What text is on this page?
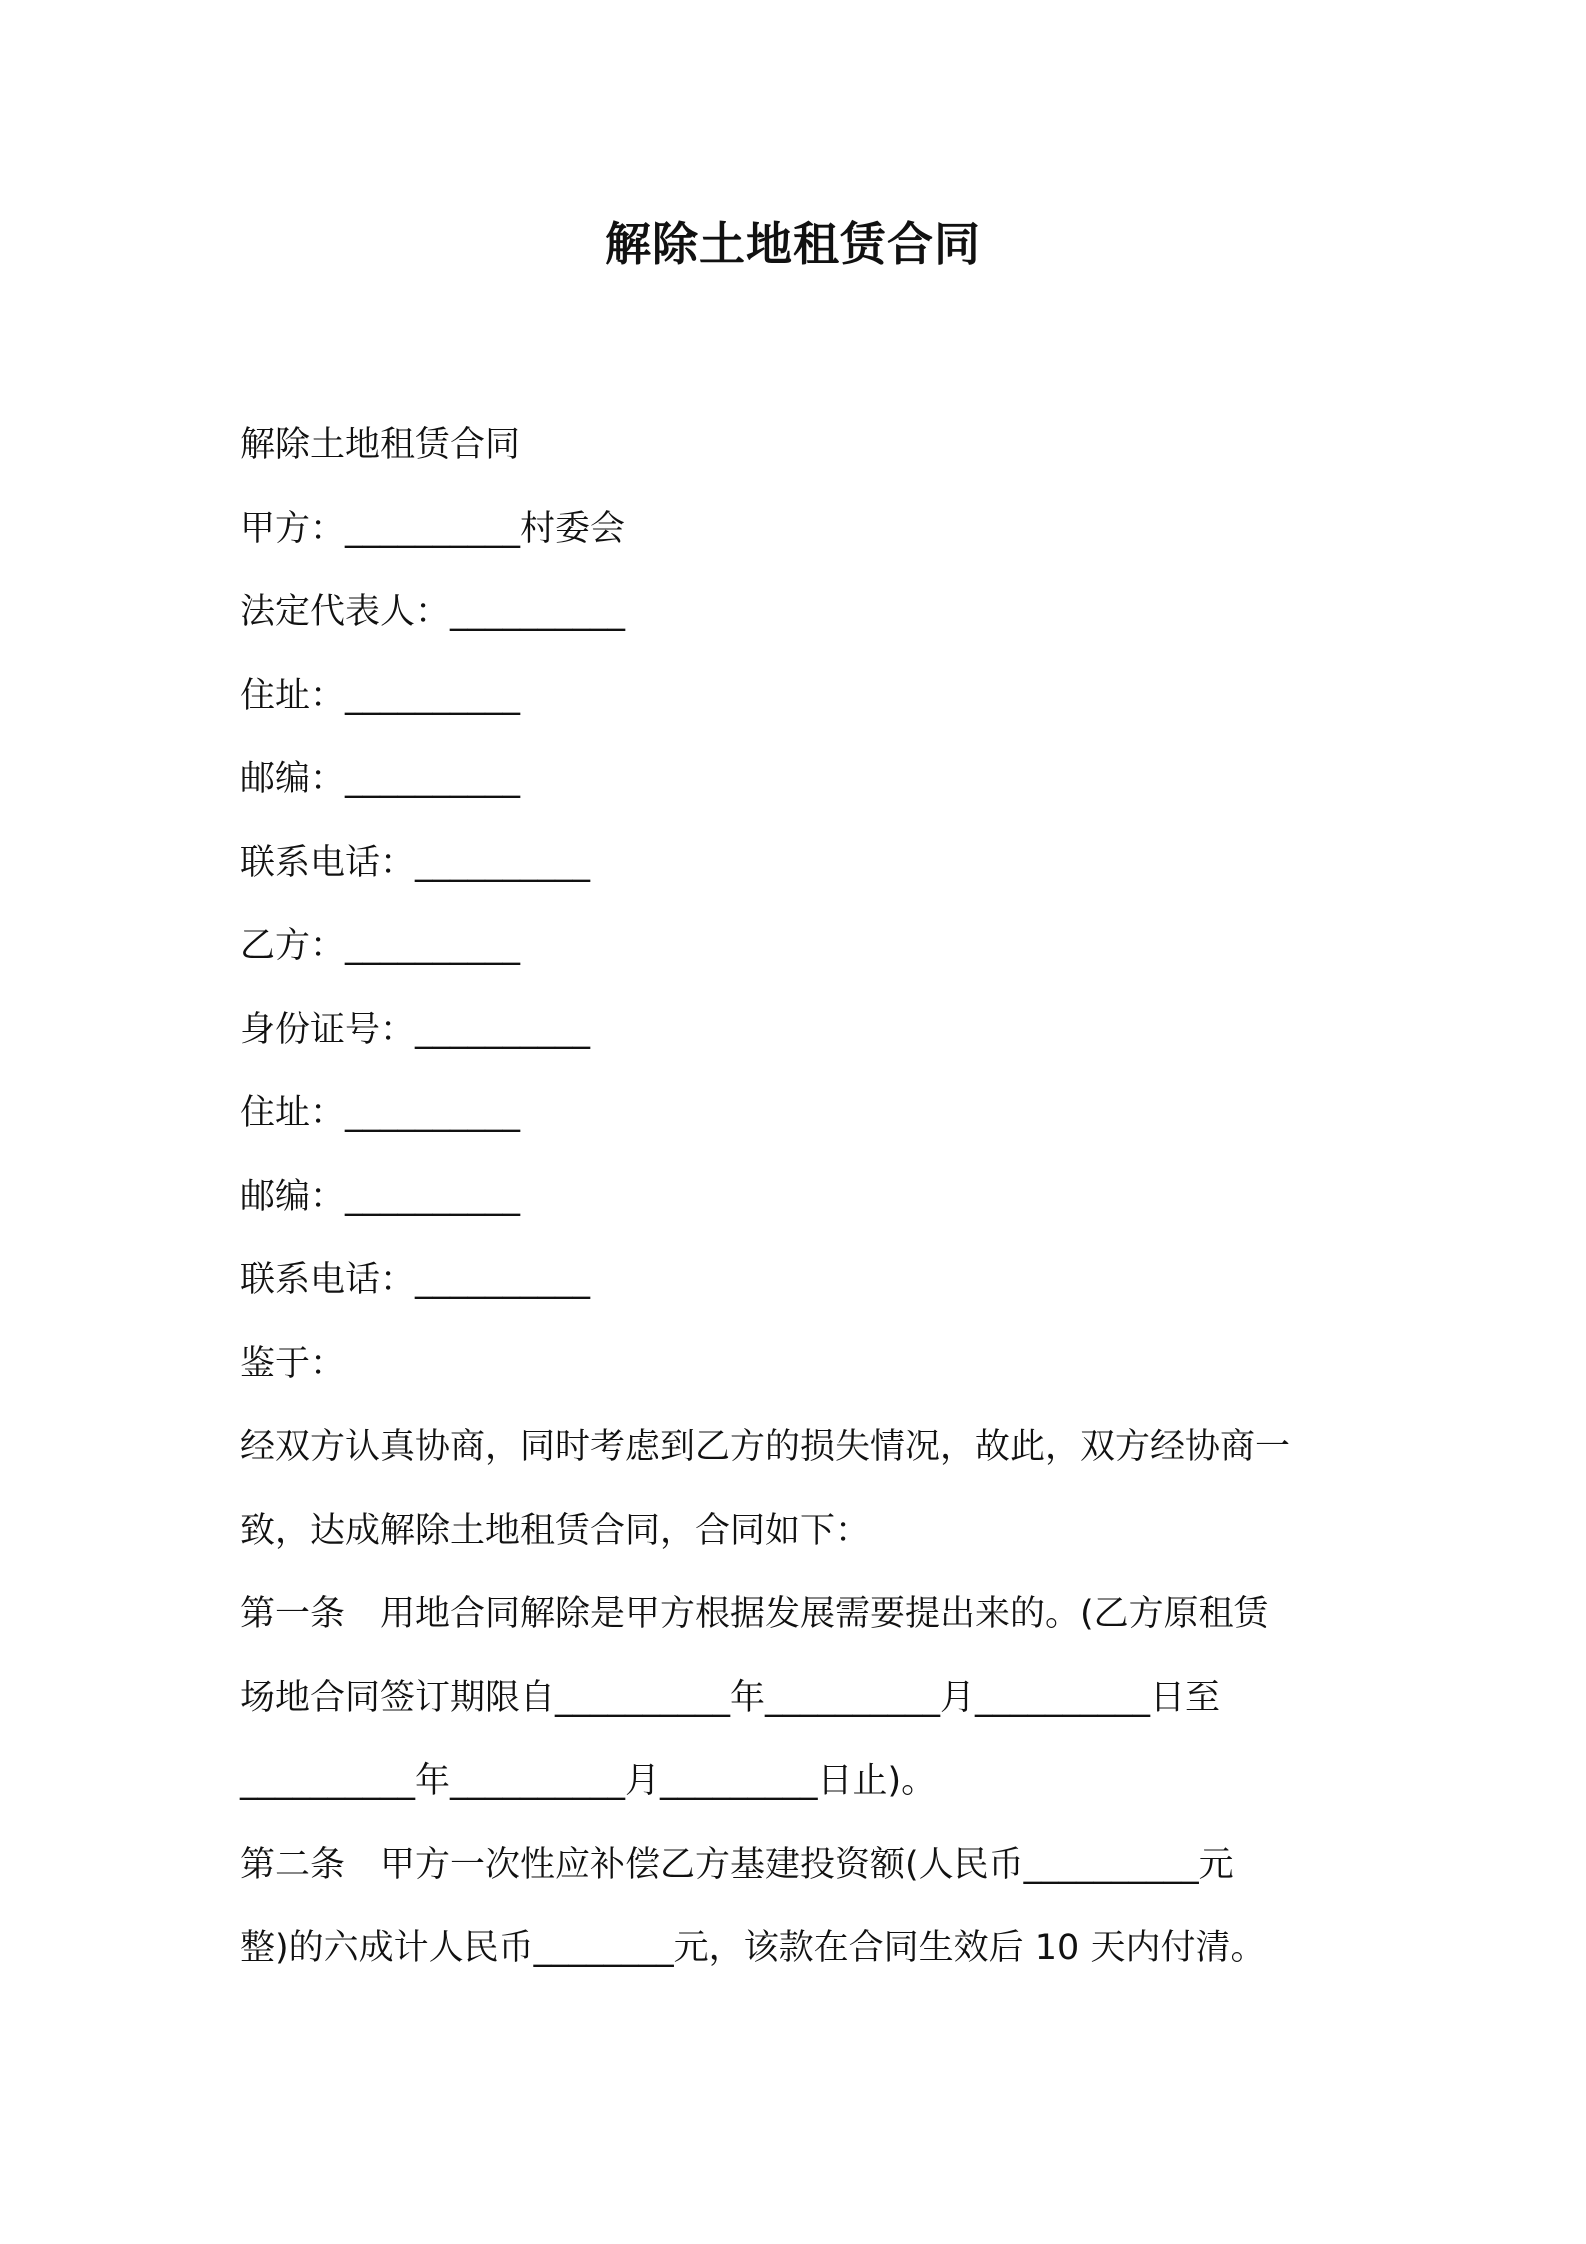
解除土地租赁合同

解除土地租赁合同

甲方：__________村委会

法定代表人：__________

住址：__________

邮编：__________

联系电话：__________

乙方：__________

身份证号：__________

住址：__________

邮编：__________

联系电话：__________

鉴于：

经双方认真协商，同时考虑到乙方的损失情况，故此，双方经协商一

致，达成解除土地租赁合同，合同如下：

第一条　用地合同解除是甲方根据发展需要提出来的。(乙方原租赁

场地合同签订期限自__________年__________月__________日至

__________年__________月_________日止)。

第二条　甲方一次性应补偿乙方基建投资额(人民币__________元

整)的六成计人民币________元，该款在合同生效后 10 天内付清。
